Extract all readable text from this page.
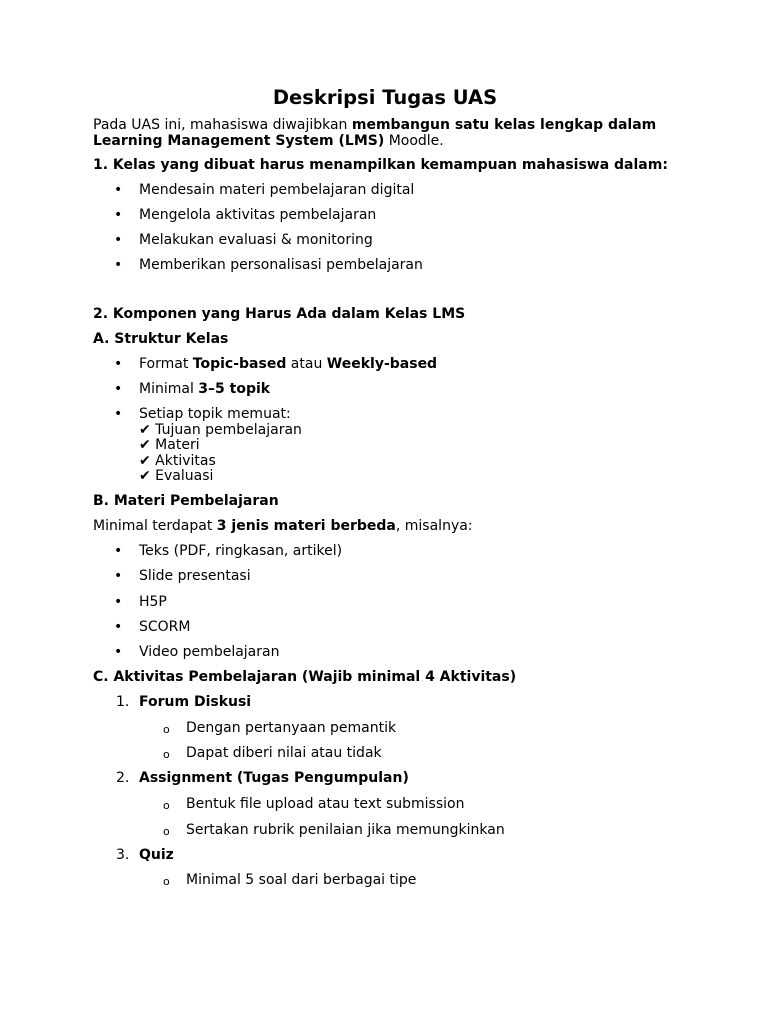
Deskripsi Tugas UAS

Pada UAS ini, mahasiswa diwajibkan membangun satu kelas lengkap dalam Learning Management System (LMS) Moodle.

1. Kelas yang dibuat harus menampilkan kemampuan mahasiswa dalam:

• Mendesain materi pembelajaran digital
• Mengelola aktivitas pembelajaran
• Melakukan evaluasi & monitoring
• Memberikan personalisasi pembelajaran

2. Komponen yang Harus Ada dalam Kelas LMS

A. Struktur Kelas

• Format Topic-based atau Weekly-based
• Minimal 3–5 topik
• Setiap topik memuat:
✔ Tujuan pembelajaran
✔ Materi
✔ Aktivitas
✔ Evaluasi

B. Materi Pembelajaran

Minimal terdapat 3 jenis materi berbeda, misalnya:

• Teks (PDF, ringkasan, artikel)
• Slide presentasi
• H5P
• SCORM
• Video pembelajaran

C. Aktivitas Pembelajaran (Wajib minimal 4 Aktivitas)

1. Forum Diskusi
o Dengan pertanyaan pemantik
o Dapat diberi nilai atau tidak
2. Assignment (Tugas Pengumpulan)
o Bentuk file upload atau text submission
o Sertakan rubrik penilaian jika memungkinkan
3. Quiz
o Minimal 5 soal dari berbagai tipe
